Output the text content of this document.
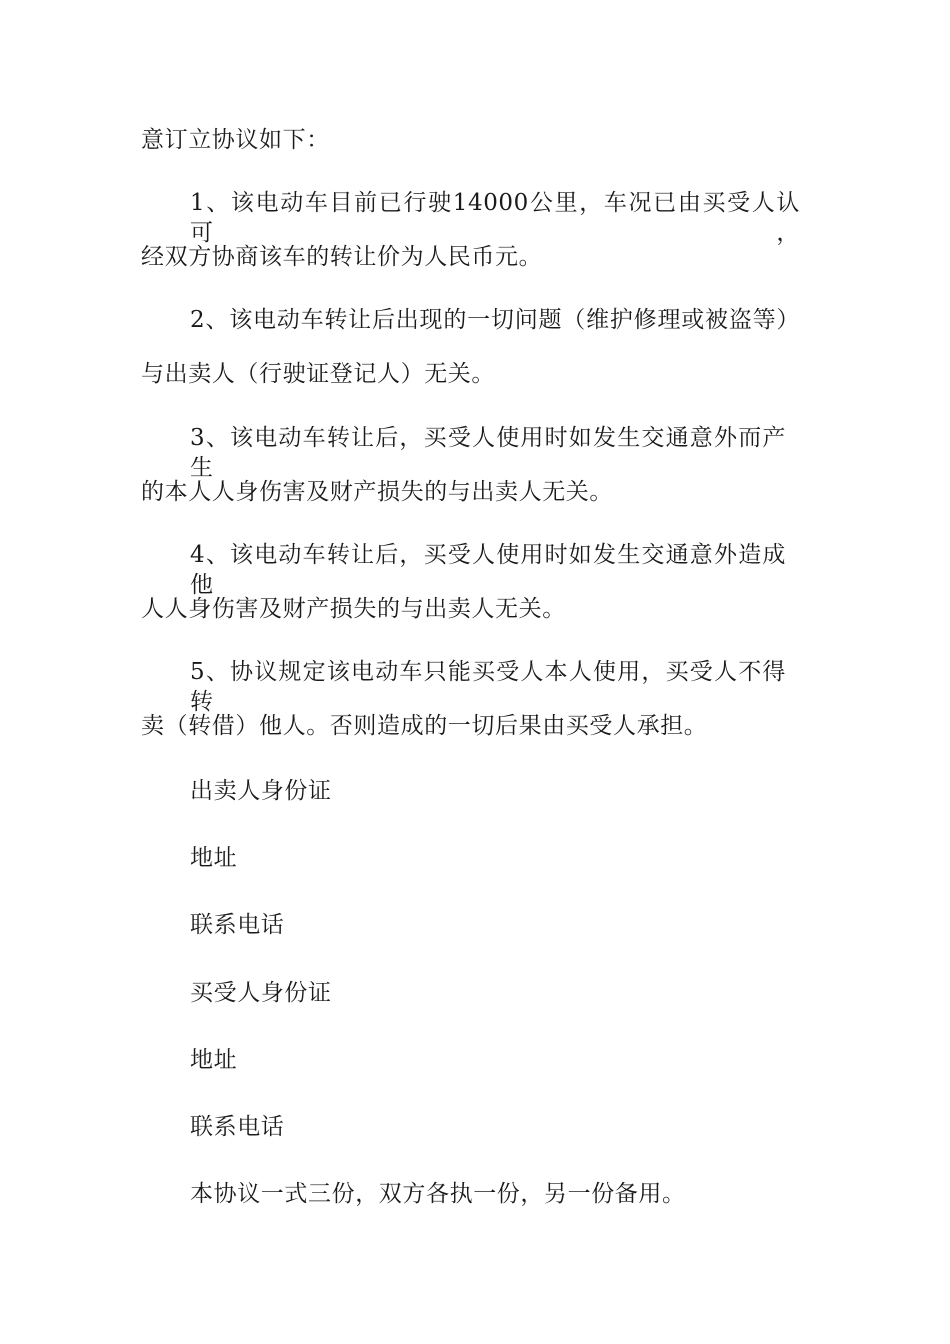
意订立协议如下：
1、该电动车目前已行驶14000公里，车况已由买受人认可，
经双方协商该车的转让价为人民币元。
2、该电动车转让后出现的一切问题（维护修理或被盗等）
与出卖人（行驶证登记人）无关。
3、该电动车转让后，买受人使用时如发生交通意外而产生
的本人人身伤害及财产损失的与出卖人无关。
4、该电动车转让后，买受人使用时如发生交通意外造成他
人人身伤害及财产损失的与出卖人无关。
5、协议规定该电动车只能买受人本人使用，买受人不得转
卖（转借）他人。否则造成的一切后果由买受人承担。
出卖人身份证
地址
联系电话
买受人身份证
地址
联系电话
本协议一式三份，双方各执一份，另一份备用。
